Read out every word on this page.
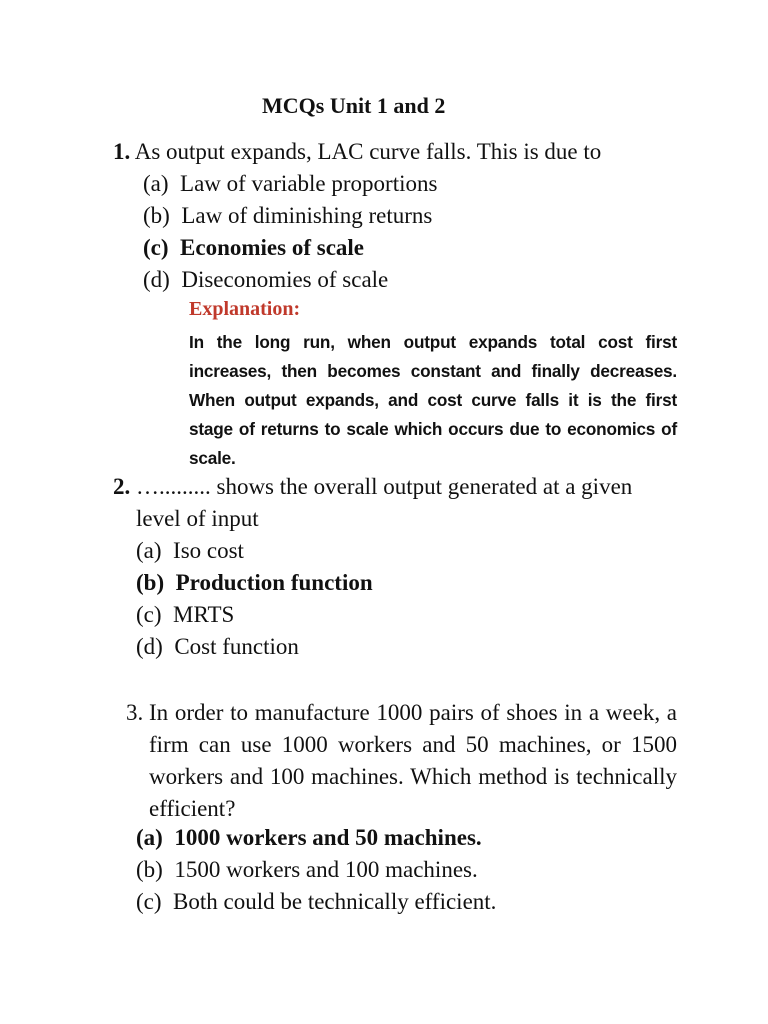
MCQs Unit 1 and 2
1. As output expands, LAC curve falls. This is due to
(a) Law of variable proportions
(b) Law of diminishing returns
(c) Economies of scale
(d) Diseconomies of scale
Explanation:
In the long run, when output expands total cost first increases, then becomes constant and finally decreases. When output expands, and cost curve falls it is the first stage of returns to scale which occurs due to economics of scale.
2. …......... shows the overall output generated at a given
level of input
(a) Iso cost
(b) Production function
(c) MRTS
(d) Cost function
3. In order to manufacture 1000 pairs of shoes in a week, a firm can use 1000 workers and 50 machines, or 1500 workers and 100 machines. Which method is technically efficient?
(a) 1000 workers and 50 machines.
(b) 1500 workers and 100 machines.
(c) Both could be technically efficient.
